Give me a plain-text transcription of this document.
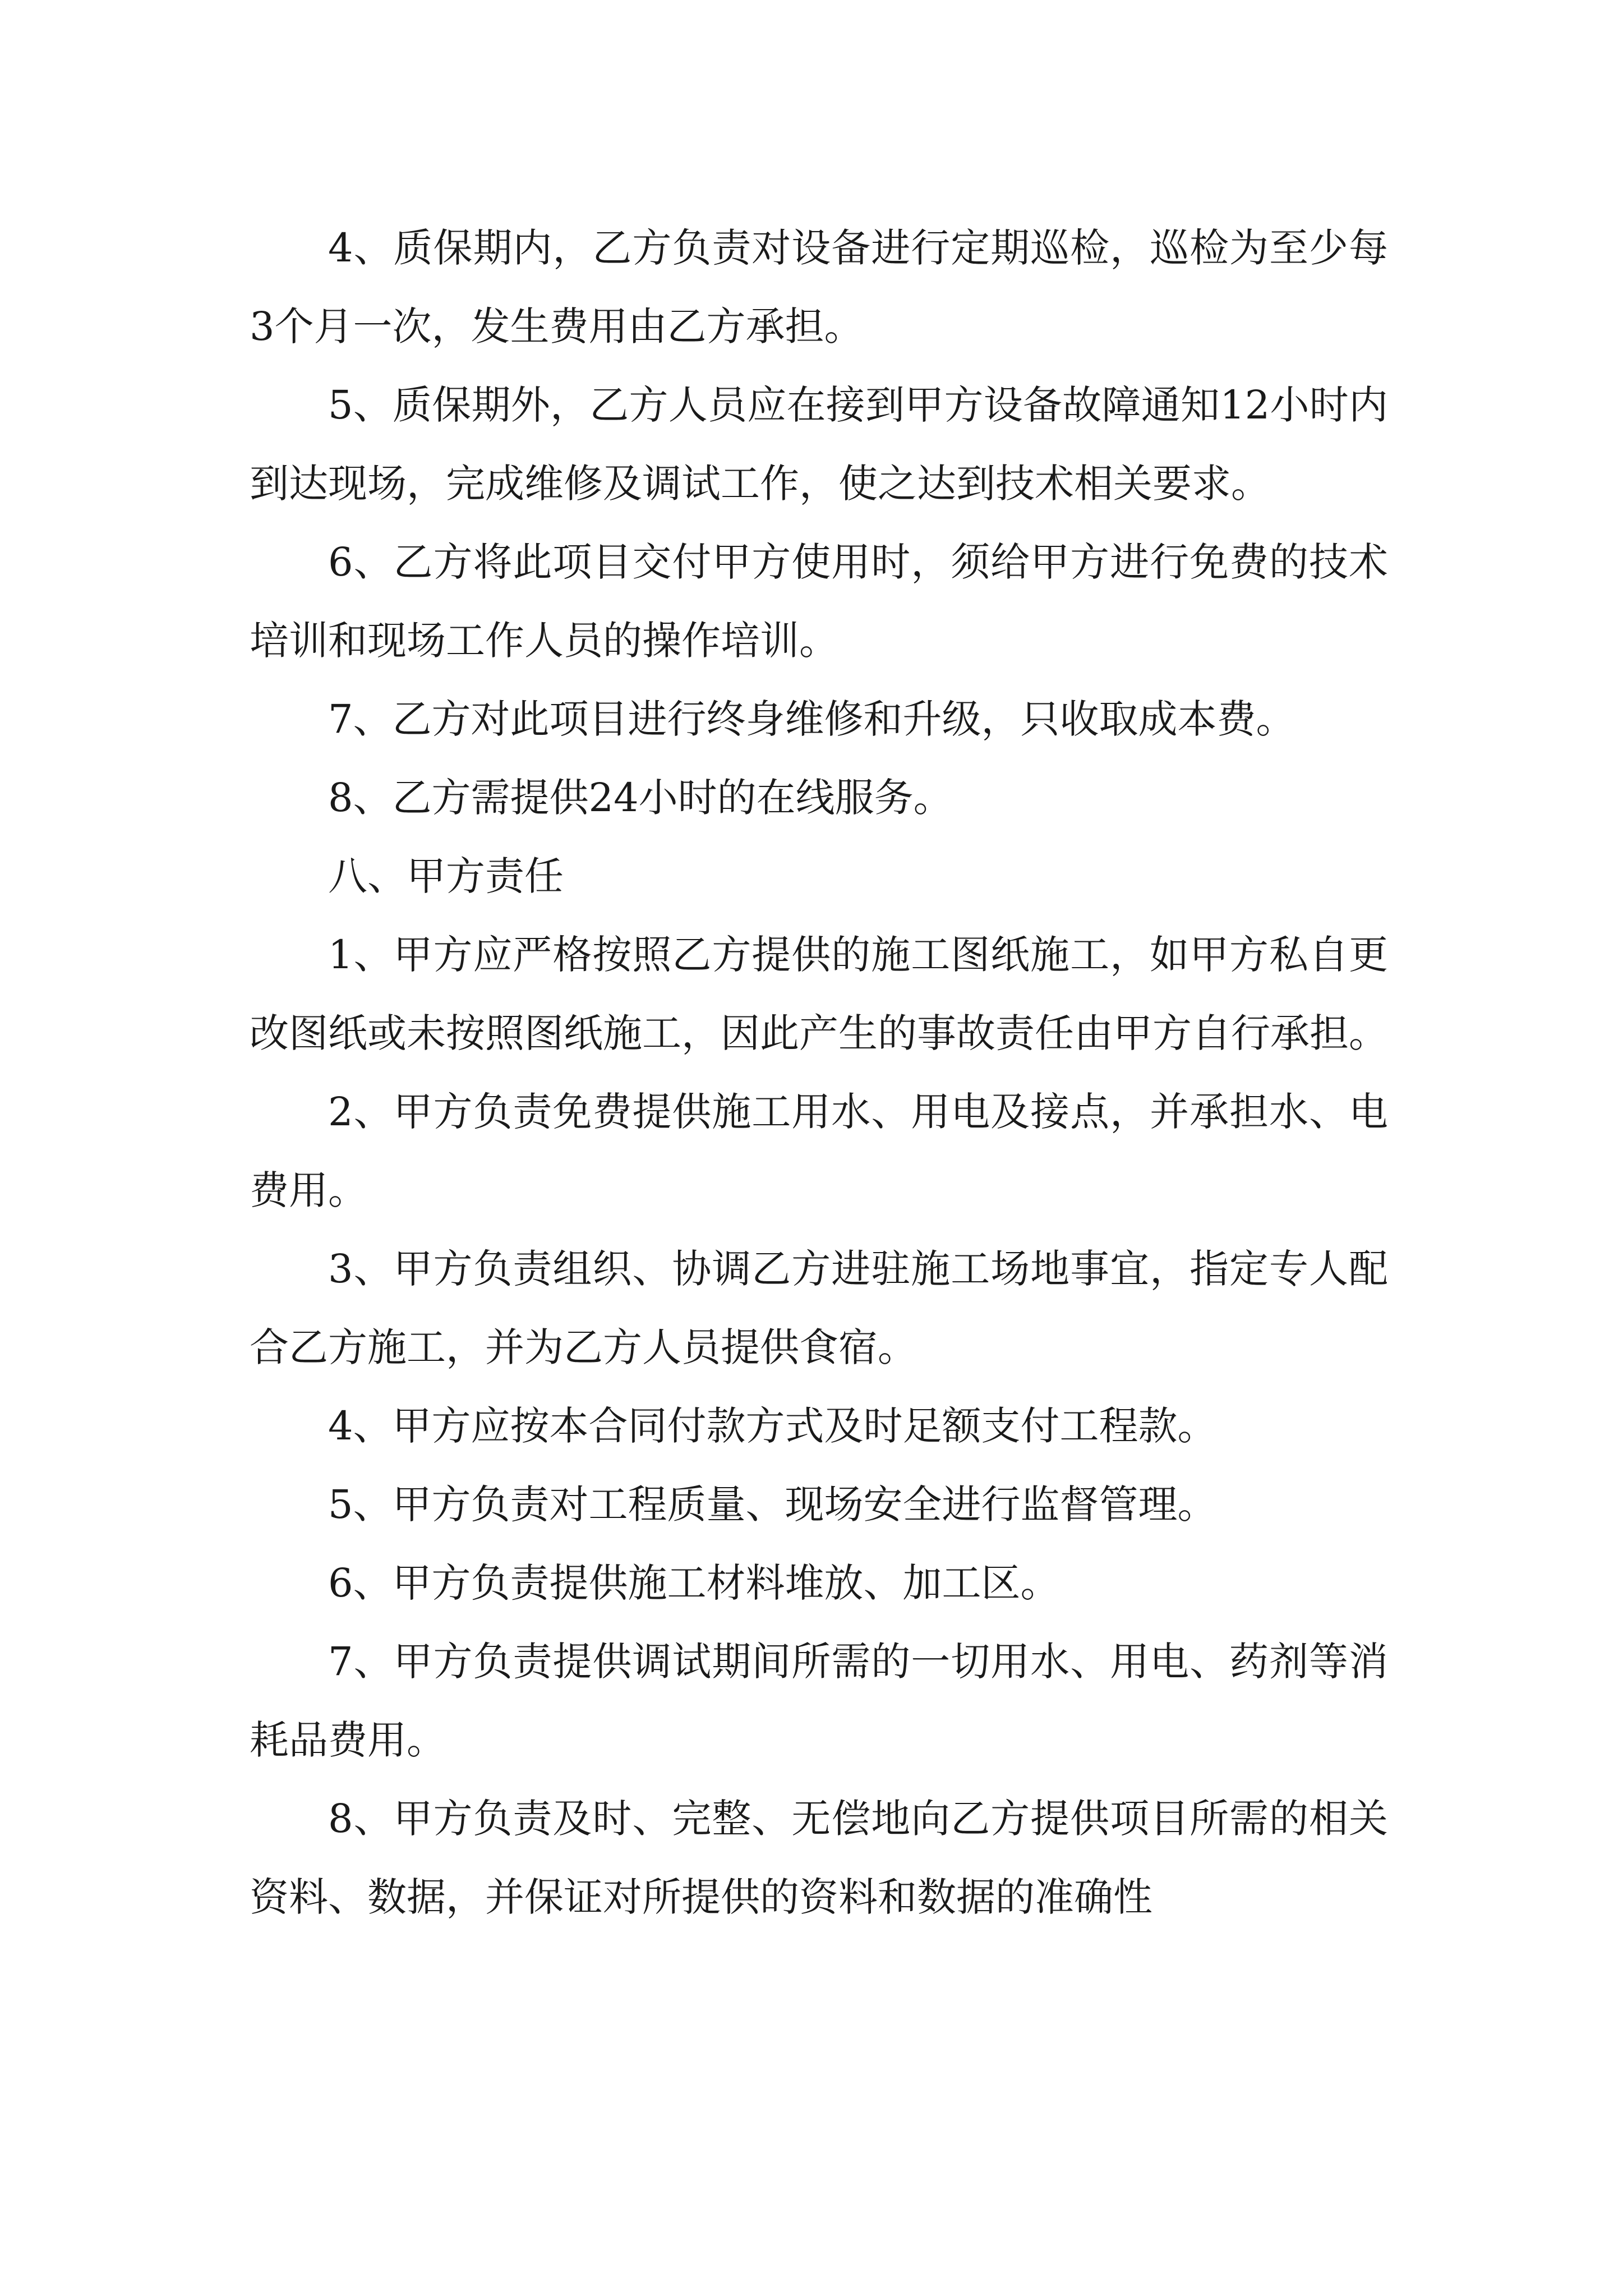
4、质保期内，乙方负责对设备进行定期巡检，巡检为至少每3个月一次，发生费用由乙方承担。

5、质保期外，乙方人员应在接到甲方设备故障通知12小时内到达现场，完成维修及调试工作，使之达到技术相关要求。

6、乙方将此项目交付甲方使用时，须给甲方进行免费的技术培训和现场工作人员的操作培训。

7、乙方对此项目进行终身维修和升级，只收取成本费。

8、乙方需提供24小时的在线服务。

八、甲方责任

1、甲方应严格按照乙方提供的施工图纸施工，如甲方私自更改图纸或未按照图纸施工，因此产生的事故责任由甲方自行承担。

2、甲方负责免费提供施工用水、用电及接点，并承担水、电费用。

3、甲方负责组织、协调乙方进驻施工场地事宜，指定专人配合乙方施工，并为乙方人员提供食宿。

4、甲方应按本合同付款方式及时足额支付工程款。

5、甲方负责对工程质量、现场安全进行监督管理。

6、甲方负责提供施工材料堆放、加工区。

7、甲方负责提供调试期间所需的一切用水、用电、药剂等消耗品费用。

8、甲方负责及时、完整、无偿地向乙方提供项目所需的相关资料、数据，并保证对所提供的资料和数据的准确性
